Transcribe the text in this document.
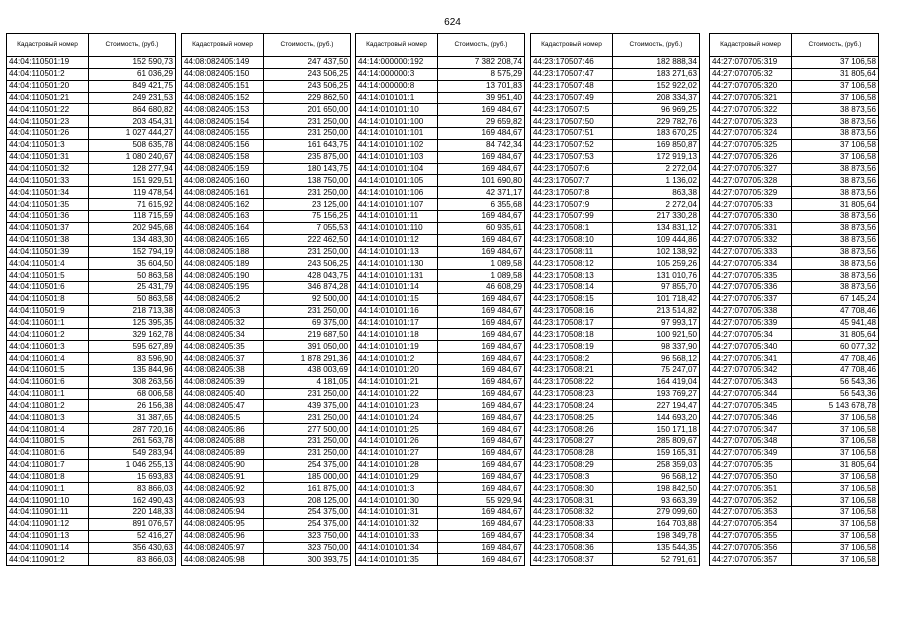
624
Кадастровый номер	Стоимость, (руб.)
44:04:110501:19	152 590,73
44:04:110501:2	61 036,29
44:04:110501:20	849 421,75
44:04:110501:21	249 231,53
44:04:110501:22	864 680,82
44:04:110501:23	203 454,31
44:04:110501:26	1 027 444,27
44:04:110501:3	508 635,78
44:04:110501:31	1 080 240,67
44:04:110501:32	128 277,94
44:04:110501:33	151 929,51
44:04:110501:34	119 478,54
44:04:110501:35	71 615,92
44:04:110501:36	118 715,59
44:04:110501:37	202 945,68
44:04:110501:38	134 483,30
44:04:110501:39	152 794,19
44:04:110501:4	35 604,50
44:04:110501:5	50 863,58
44:04:110501:6	25 431,79
44:04:110501:8	50 863,58
44:04:110501:9	218 713,38
44:04:110601:1	125 395,35
44:04:110601:2	329 162,78
44:04:110601:3	595 627,89
44:04:110601:4	83 596,90
44:04:110601:5	135 844,96
44:04:110601:6	308 263,56
44:04:110801:1	68 006,58
44:04:110801:2	26 156,38
44:04:110801:3	31 387,65
44:04:110801:4	287 720,16
44:04:110801:5	261 563,78
44:04:110801:6	549 283,94
44:04:110801:7	1 046 255,13
44:04:110801:8	15 693,83
44:04:110901:1	83 866,03
44:04:110901:10	162 490,43
44:04:110901:11	220 148,33
44:04:110901:12	891 076,57
44:04:110901:13	52 416,27
44:04:110901:14	356 430,63
44:04:110901:2	83 866,03
Кадастровый номер	Стоимость, (руб.)
44:08:082405:149	247 437,50
44:08:082405:150	243 506,25
44:08:082405:151	243 506,25
44:08:082405:152	229 862,50
44:08:082405:153	201 650,00
44:08:082405:154	231 250,00
44:08:082405:155	231 250,00
44:08:082405:156	161 643,75
44:08:082405:158	235 875,00
44:08:082405:159	180 143,75
44:08:082405:160	138 750,00
44:08:082405:161	231 250,00
44:08:082405:162	23 125,00
44:08:082405:163	75 156,25
44:08:082405:164	7 055,53
44:08:082405:165	222 462,50
44:08:082405:188	231 250,00
44:08:082405:189	243 506,25
44:08:082405:190	428 043,75
44:08:082405:195	346 874,28
44:08:082405:2	92 500,00
44:08:082405:3	231 250,00
44:08:082405:32	69 375,00
44:08:082405:34	219 687,50
44:08:082405:35	391 050,00
44:08:082405:37	1 878 291,36
44:08:082405:38	438 003,69
44:08:082405:39	4 181,05
44:08:082405:40	231 250,00
44:08:082405:47	439 375,00
44:08:082405:5	231 250,00
44:08:082405:86	277 500,00
44:08:082405:88	231 250,00
44:08:082405:89	231 250,00
44:08:082405:90	254 375,00
44:08:082405:91	185 000,00
44:08:082405:92	161 875,00
44:08:082405:93	208 125,00
44:08:082405:94	254 375,00
44:08:082405:95	254 375,00
44:08:082405:96	323 750,00
44:08:082405:97	323 750,00
44:08:082405:98	300 393,75
Кадастровый номер	Стоимость, (руб.)
44:14:000000:192	7 382 208,74
44:14:000000:3	8 575,29
44:14:000000:8	13 701,83
44:14:010101:1	39 951,40
44:14:010101:10	169 484,67
44:14:010101:100	29 659,82
44:14:010101:101	169 484,67
44:14:010101:102	84 742,34
44:14:010101:103	169 484,67
44:14:010101:104	169 484,67
44:14:010101:105	101 690,80
44:14:010101:106	42 371,17
44:14:010101:107	6 355,68
44:14:010101:11	169 484,67
44:14:010101:110	60 935,61
44:14:010101:12	169 484,67
44:14:010101:13	169 484,67
44:14:010101:130	1 089,58
44:14:010101:131	1 089,58
44:14:010101:14	46 608,29
44:14:010101:15	169 484,67
44:14:010101:16	169 484,67
44:14:010101:17	169 484,67
44:14:010101:18	169 484,67
44:14:010101:19	169 484,67
44:14:010101:2	169 484,67
44:14:010101:20	169 484,67
44:14:010101:21	169 484,67
44:14:010101:22	169 484,67
44:14:010101:23	169 484,67
44:14:010101:24	169 484,67
44:14:010101:25	169 484,67
44:14:010101:26	169 484,67
44:14:010101:27	169 484,67
44:14:010101:28	169 484,67
44:14:010101:29	169 484,67
44:14:010101:3	169 484,67
44:14:010101:30	55 929,94
44:14:010101:31	169 484,67
44:14:010101:32	169 484,67
44:14:010101:33	169 484,67
44:14:010101:34	169 484,67
44:14:010101:35	169 484,67
Кадастровый номер	Стоимость, (руб.)
44:23:170507:46	182 888,34
44:23:170507:47	183 271,63
44:23:170507:48	152 922,02
44:23:170507:49	208 334,37
44:23:170507:5	96 969,25
44:23:170507:50	229 782,76
44:23:170507:51	183 670,25
44:23:170507:52	169 850,87
44:23:170507:53	172 919,13
44:23:170507:6	2 272,04
44:23:170507:7	1 136,02
44:23:170507:8	863,38
44:23:170507:9	2 272,04
44:23:170507:99	217 330,28
44:23:170508:1	134 831,12
44:23:170508:10	109 444,86
44:23:170508:11	102 138,92
44:23:170508:12	105 259,26
44:23:170508:13	131 010,76
44:23:170508:14	97 855,70
44:23:170508:15	101 718,42
44:23:170508:16	213 514,82
44:23:170508:17	97 993,17
44:23:170508:18	100 921,50
44:23:170508:19	98 337,90
44:23:170508:2	96 568,12
44:23:170508:21	75 247,07
44:23:170508:22	164 419,04
44:23:170508:23	193 769,27
44:23:170508:24	227 194,47
44:23:170508:25	144 693,20
44:23:170508:26	150 171,18
44:23:170508:27	285 809,67
44:23:170508:28	159 165,31
44:23:170508:29	258 359,03
44:23:170508:3	96 568,12
44:23:170508:30	198 842,50
44:23:170508:31	93 663,39
44:23:170508:32	279 099,60
44:23:170508:33	164 703,88
44:23:170508:34	198 349,78
44:23:170508:36	135 544,35
44:23:170508:37	52 791,61
Кадастровый номер	Стоимость, (руб.)
44:27:070705:319	37 106,58
44:27:070705:32	31 805,64
44:27:070705:320	37 106,58
44:27:070705:321	37 106,58
44:27:070705:322	38 873,56
44:27:070705:323	38 873,56
44:27:070705:324	38 873,56
44:27:070705:325	37 106,58
44:27:070705:326	37 106,58
44:27:070705:327	38 873,56
44:27:070705:328	38 873,56
44:27:070705:329	38 873,56
44:27:070705:33	31 805,64
44:27:070705:330	38 873,56
44:27:070705:331	38 873,56
44:27:070705:332	38 873,56
44:27:070705:333	38 873,56
44:27:070705:334	38 873,56
44:27:070705:335	38 873,56
44:27:070705:336	38 873,56
44:27:070705:337	67 145,24
44:27:070705:338	47 708,46
44:27:070705:339	45 941,48
44:27:070705:34	31 805,64
44:27:070705:340	60 077,32
44:27:070705:341	47 708,46
44:27:070705:342	47 708,46
44:27:070705:343	56 543,36
44:27:070705:344	56 543,36
44:27:070705:345	5 143 678,78
44:27:070705:346	37 106,58
44:27:070705:347	37 106,58
44:27:070705:348	37 106,58
44:27:070705:349	37 106,58
44:27:070705:35	31 805,64
44:27:070705:350	37 106,58
44:27:070705:351	37 106,58
44:27:070705:352	37 106,58
44:27:070705:353	37 106,58
44:27:070705:354	37 106,58
44:27:070705:355	37 106,58
44:27:070705:356	37 106,58
44:27:070705:357	37 106,58
